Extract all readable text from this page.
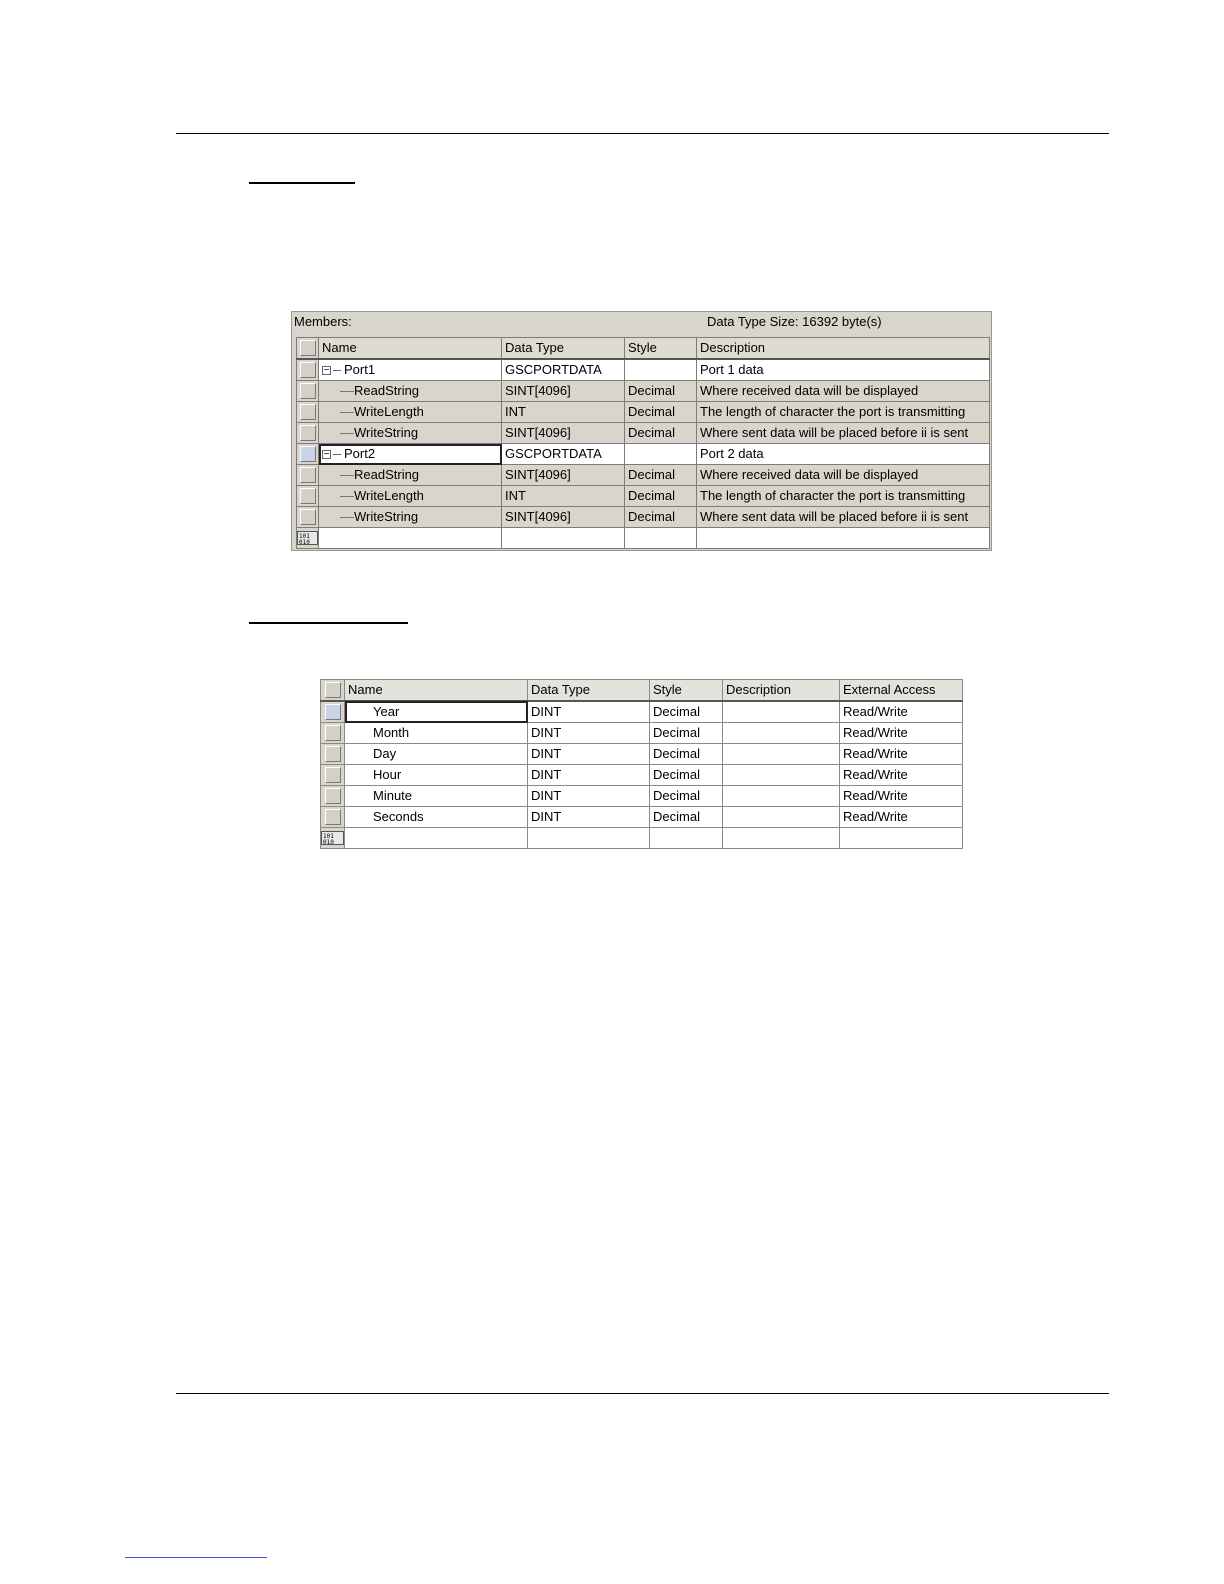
Members:	Data Type Size: 16392 byte(s)
	Name	Data Type	Style	Description

	− Port1	GSCPORTDATA		Port 1 data

	ReadString	SINT[4096]	Decimal	Where received data will be displayed

	WriteLength	INT	Decimal	The length of character the port is transmitting

	WriteString	SINT[4096]	Decimal	Where sent data will be placed before ii is sent

	− Port2	GSCPORTDATA		Port 2 data

	ReadString	SINT[4096]	Decimal	Where received data will be displayed

	WriteLength	INT	Decimal	The length of character the port is transmitting

	WriteString	SINT[4096]	Decimal	Where sent data will be placed before ii is sent

101
010				

	Name	Data Type	Style	Description	External Access

	Year	DINT	Decimal		Read/Write

	Month	DINT	Decimal		Read/Write

	Day	DINT	Decimal		Read/Write

	Hour	DINT	Decimal		Read/Write

	Minute	DINT	Decimal		Read/Write

	Seconds	DINT	Decimal		Read/Write

101
010					
